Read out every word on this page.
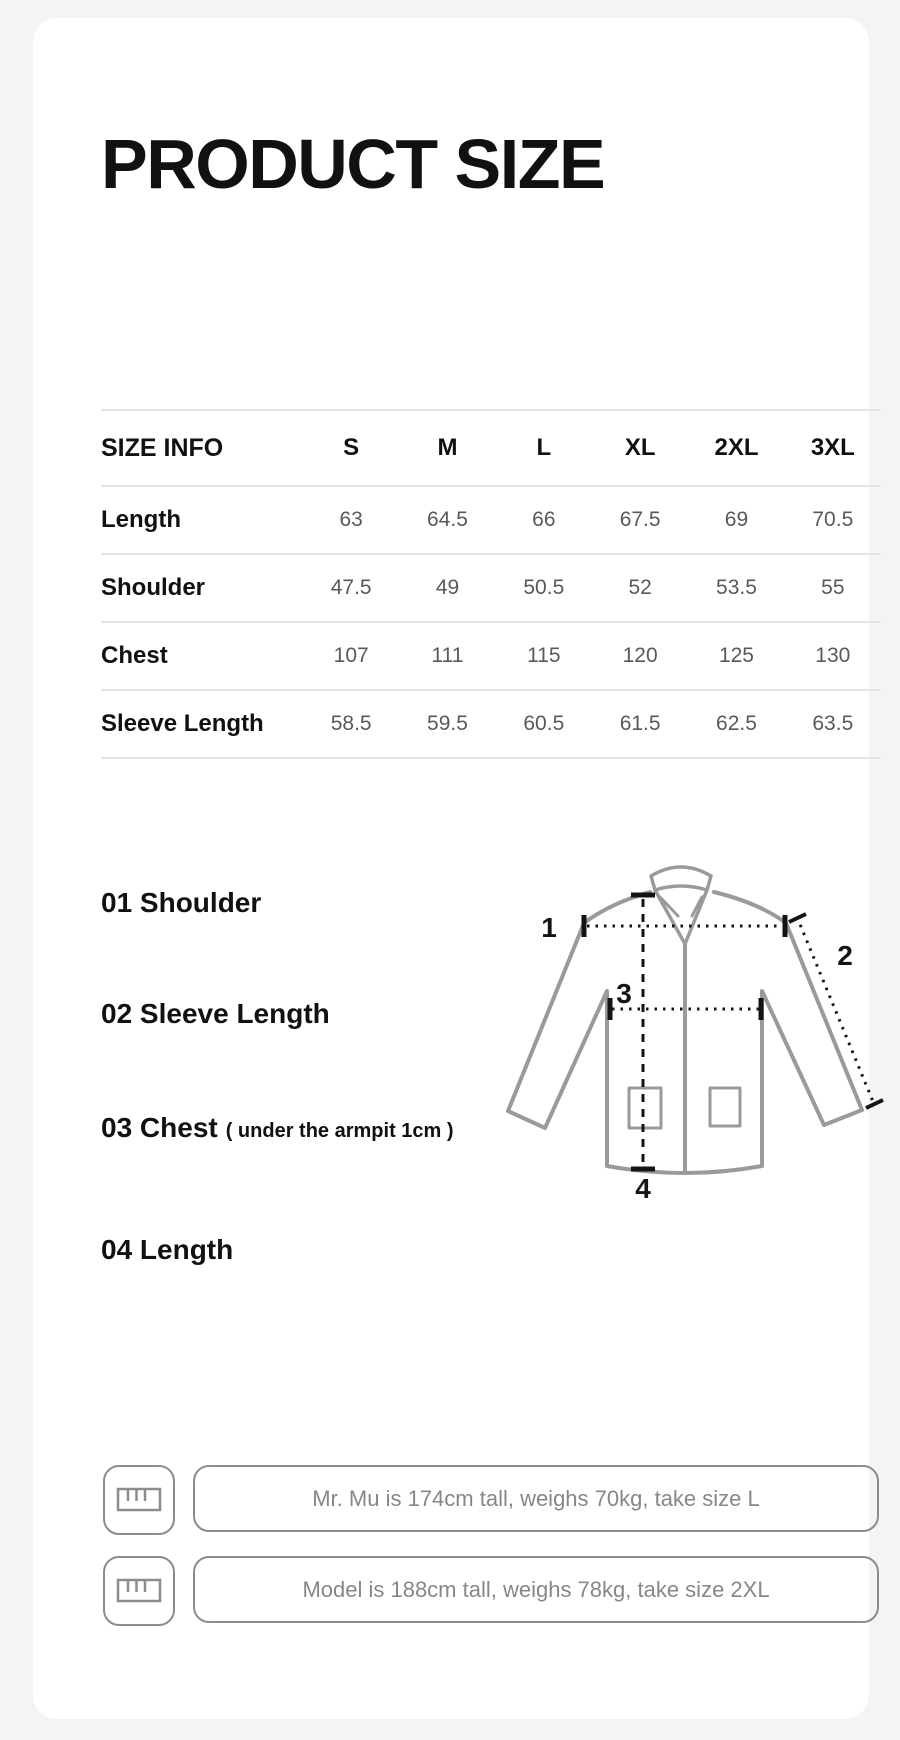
PRODUCT SIZE
SIZE INFO	S	M	L	XL	2XL	3XL
Length	63	64.5	66	67.5	69	70.5
Shoulder	47.5	49	50.5	52	53.5	55
Chest	107	111	115	120	125	130
Sleeve Length	58.5	59.5	60.5	61.5	62.5	63.5
01 Shoulder
02 Sleeve Length
03 Chest ( under the armpit 1cm )
04 Length
1
2
3
4
Mr. Mu is 174cm tall, weighs 70kg, take size L
Model is 188cm tall, weighs 78kg, take size 2XL
